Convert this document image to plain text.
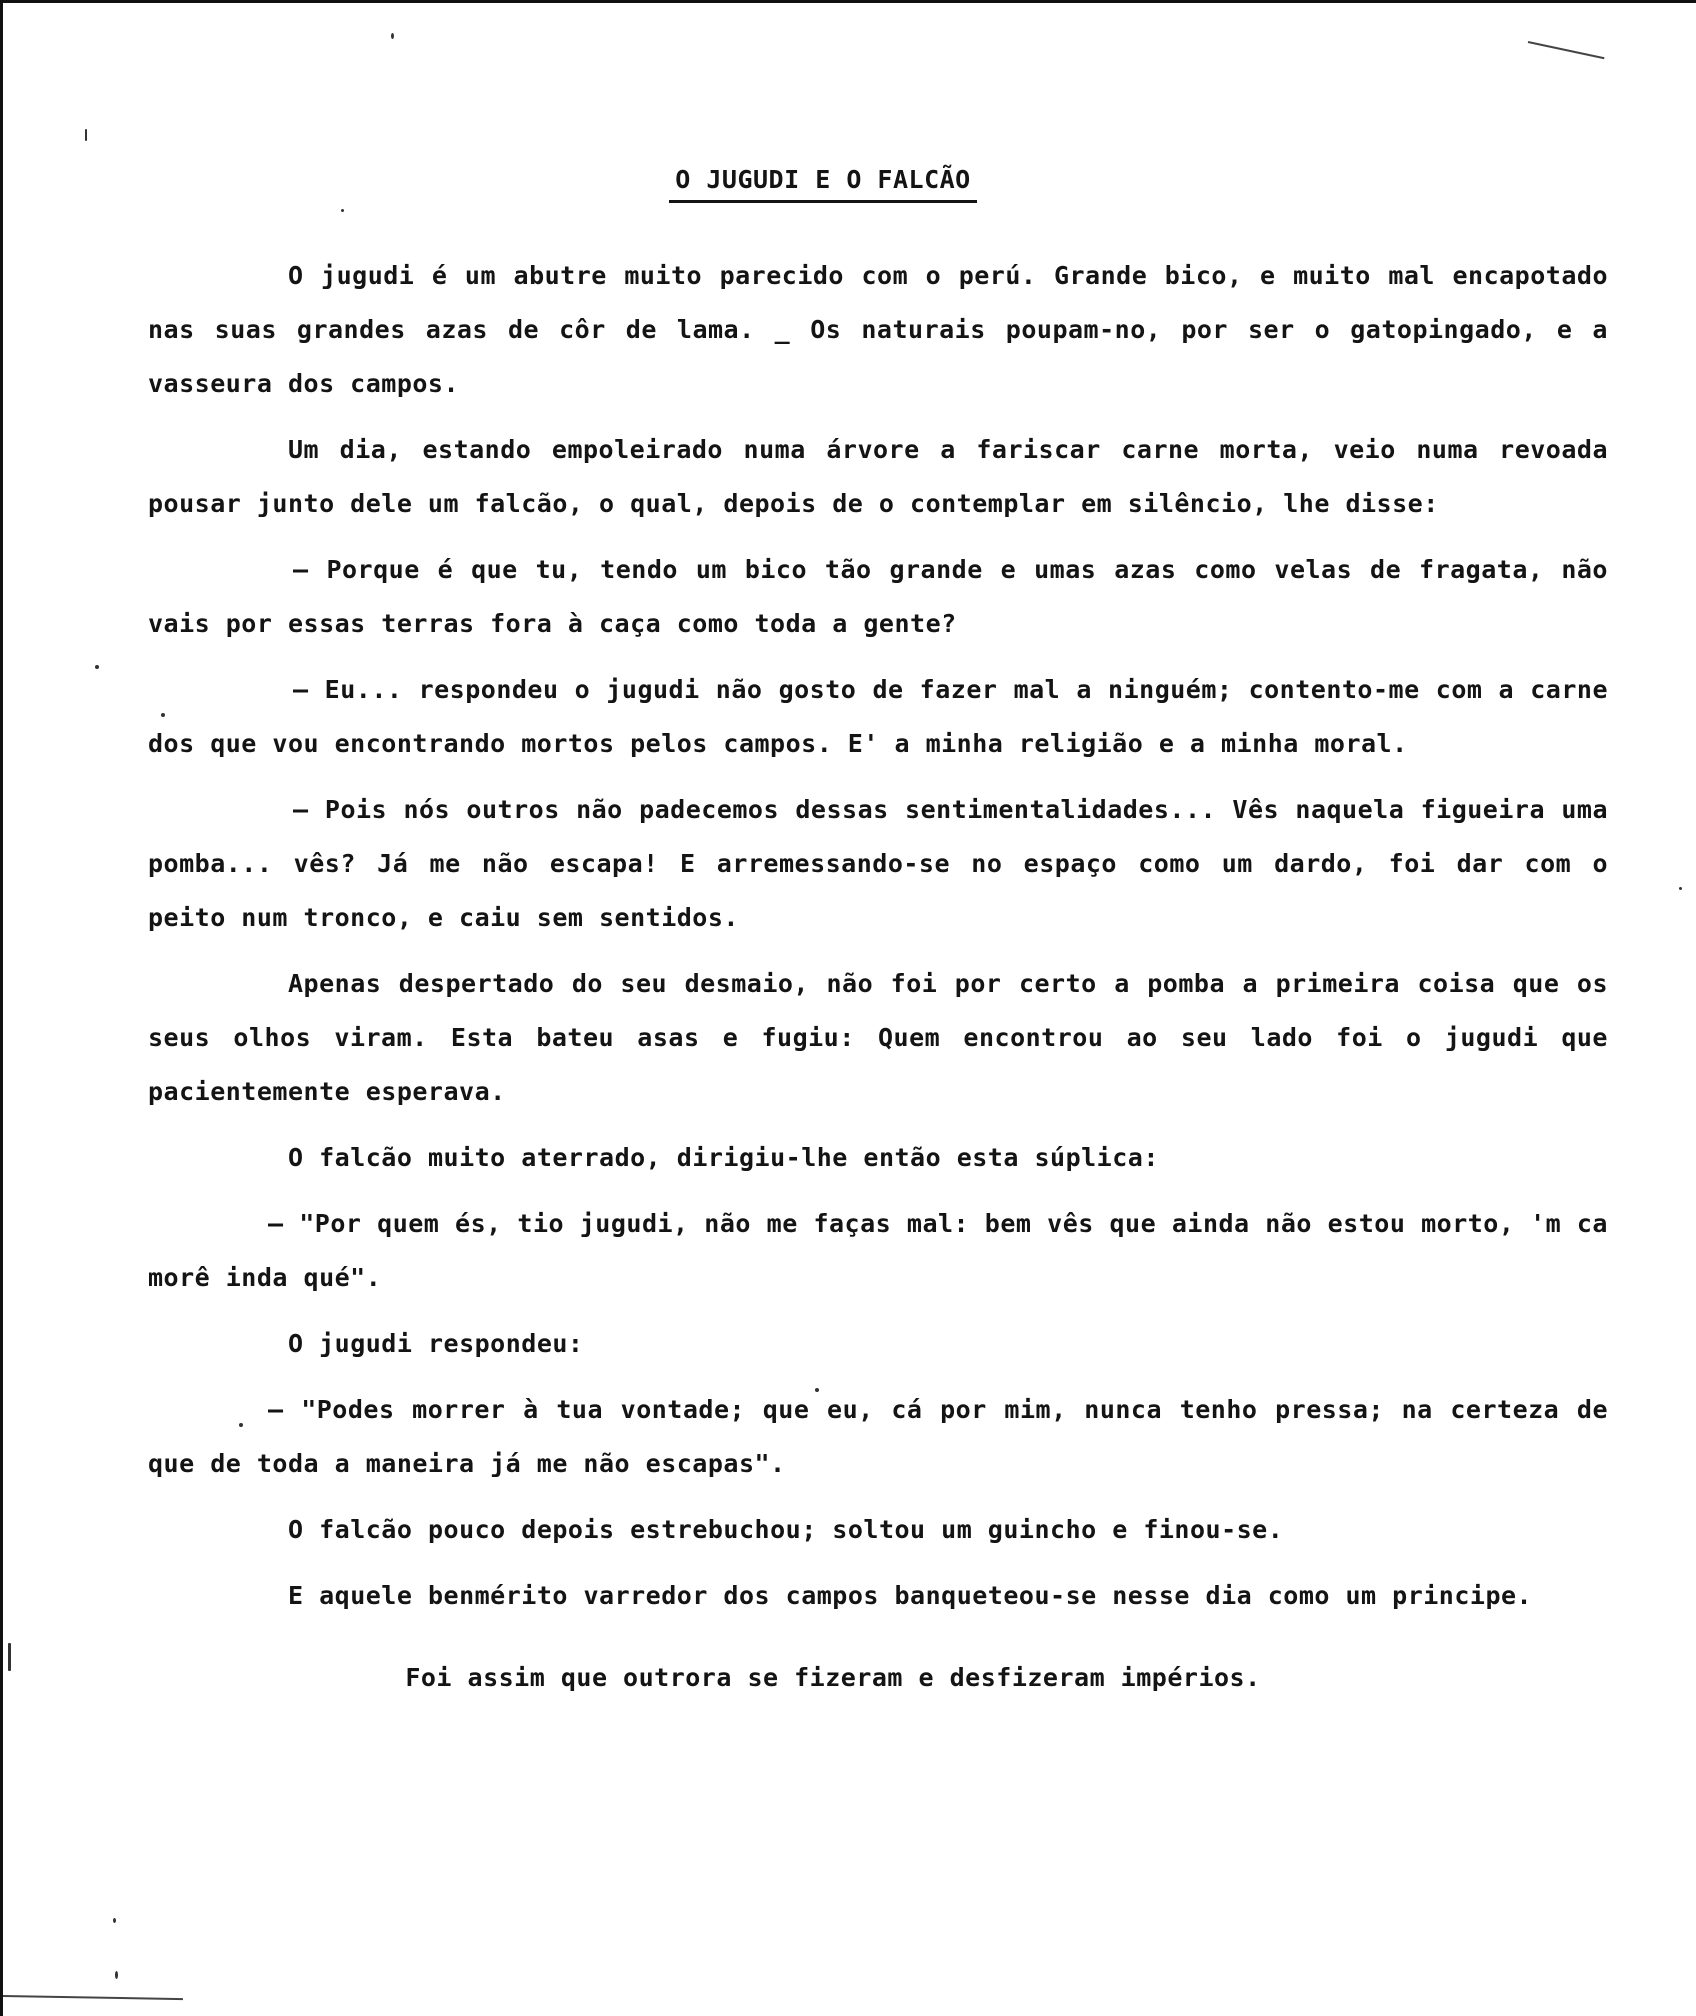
O JUGUDI E O FALCÃO

O jugudi é um abutre muito parecido com o perú. Grande bico, e muito mal encapotado nas suas grandes azas de côr de lama. _ Os naturais poupam-no, por ser o gatopingado, e a vasseura dos campos.

Um dia, estando empoleirado numa árvore a fariscar carne morta, veio numa revoada pousar junto dele um falcão, o qual, depois de o contemplar em silêncio, lhe disse:

– Porque é que tu, tendo um bico tão grande e umas azas como velas de fragata, não vais por essas terras fora à caça como toda a gente?

– Eu... respondeu o jugudi não gosto de fazer mal a ninguém; contento-me com a carne dos que vou encontrando mortos pelos campos. E' a minha religião e a minha moral.

– Pois nós outros não padecemos dessas sentimentalidades... Vês naquela figueira uma pomba... vês? Já me não escapa! E arremessando-se no espaço como um dardo, foi dar com o peito num tronco, e caiu sem sentidos.

Apenas despertado do seu desmaio, não foi por certo a pomba a primeira coisa que os seus olhos viram. Esta bateu asas e fugiu: Quem encontrou ao seu lado foi o jugudi que pacientemente esperava.

O falcão muito aterrado, dirigiu-lhe então esta súplica:

– "Por quem és, tio jugudi, não me faças mal: bem vês que ainda não estou morto, 'm ca morê inda qué".

O jugudi respondeu:

– "Podes morrer à tua vontade; que eu, cá por mim, nunca tenho pressa; na certeza de que de toda a maneira já me não escapas".

O falcão pouco depois estrebuchou; soltou um guincho e finou-se.

E aquele benmérito varredor dos campos banqueteou-se nesse dia como um principe.

Foi assim que outrora se fizeram e desfizeram impérios.
